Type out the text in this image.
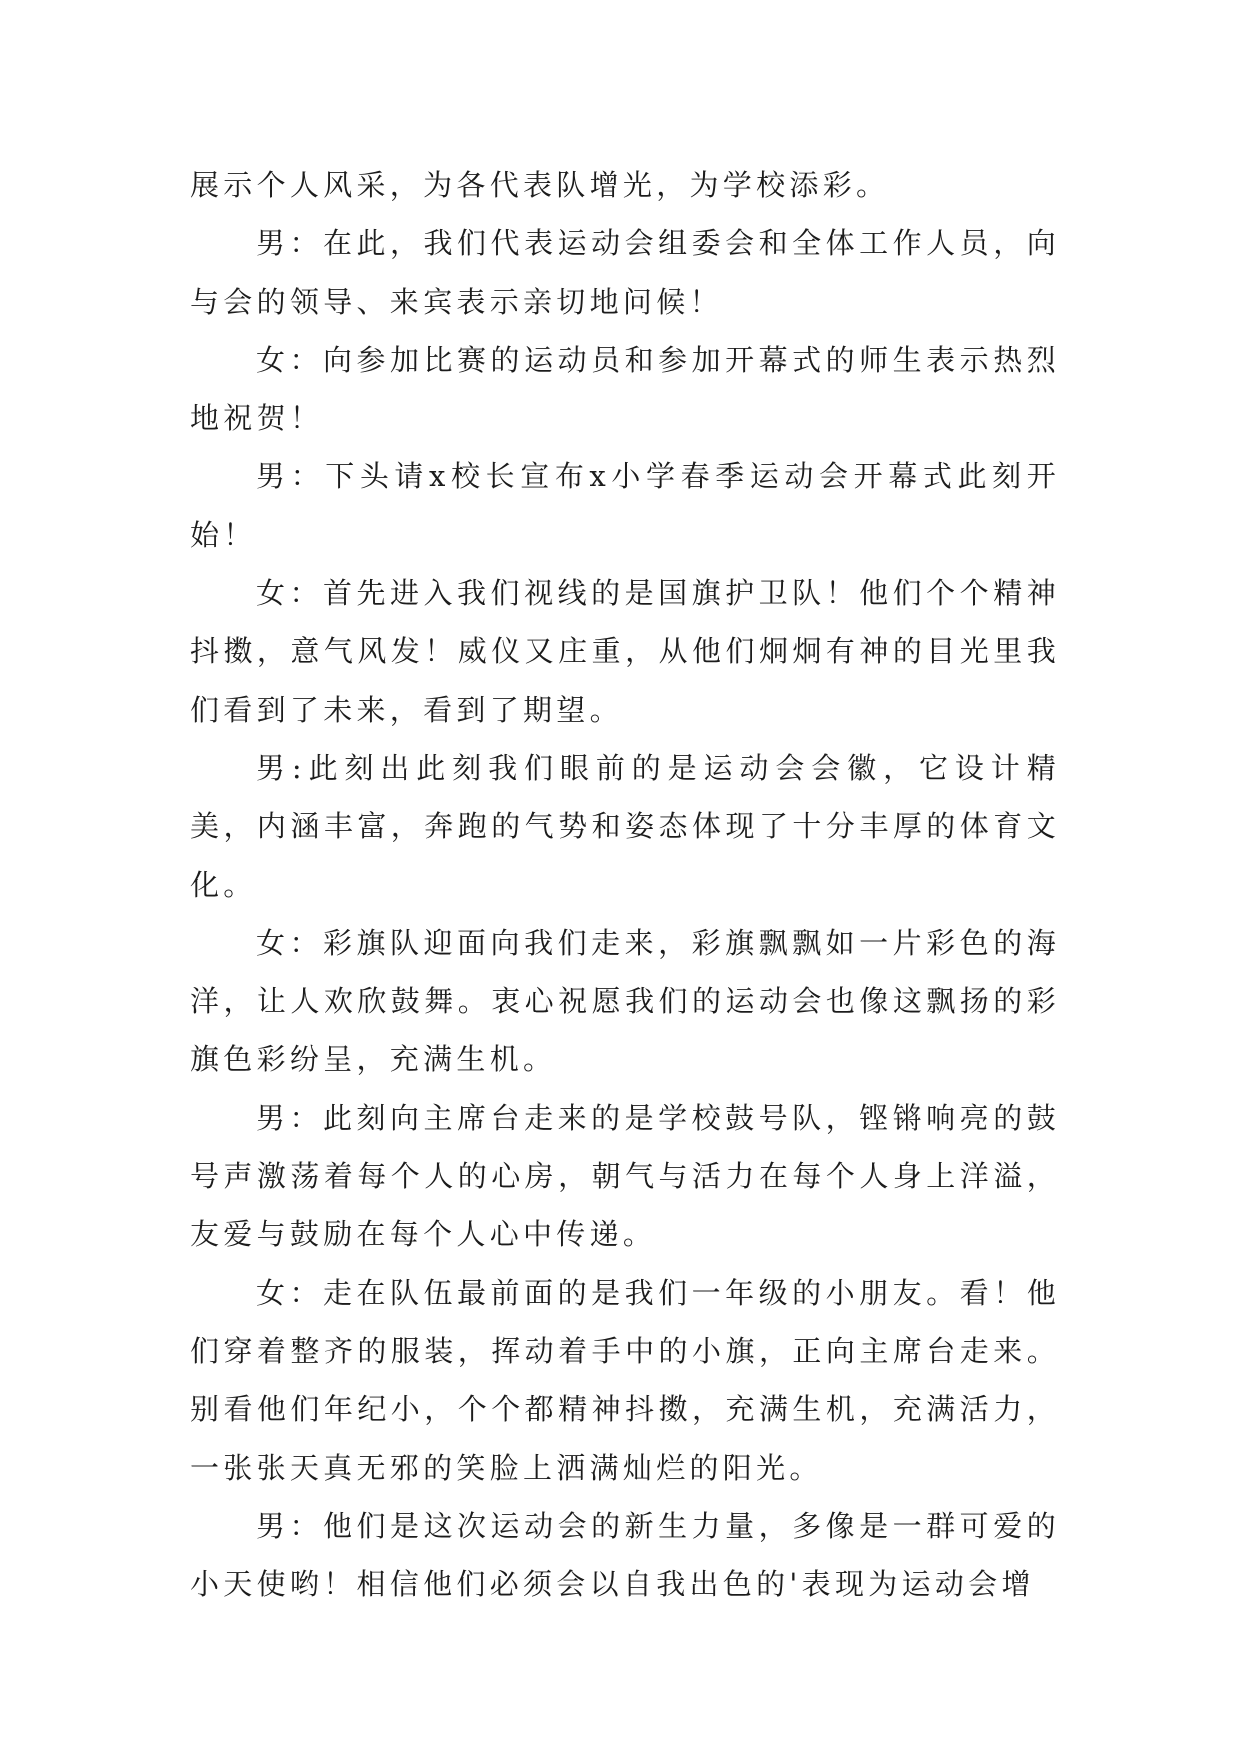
展示个人风采，为各代表队增光，为学校添彩。

男：在此，我们代表运动会组委会和全体工作人员，向与会的领导、来宾表示亲切地问候！

女：向参加比赛的运动员和参加开幕式的师生表示热烈地祝贺！

男：下头请x校长宣布x小学春季运动会开幕式此刻开始！

女：首先进入我们视线的是国旗护卫队！他们个个精神抖擞，意气风发！威仪又庄重，从他们炯炯有神的目光里我们看到了未来，看到了期望。

男:此刻出此刻我们眼前的是运动会会徽，它设计精美，内涵丰富，奔跑的气势和姿态体现了十分丰厚的体育文化。

女：彩旗队迎面向我们走来，彩旗飘飘如一片彩色的海洋，让人欢欣鼓舞。衷心祝愿我们的运动会也像这飘扬的彩旗色彩纷呈，充满生机。

男：此刻向主席台走来的是学校鼓号队，铿锵响亮的鼓号声激荡着每个人的心房，朝气与活力在每个人身上洋溢，友爱与鼓励在每个人心中传递。

女：走在队伍最前面的是我们一年级的小朋友。看！他们穿着整齐的服装，挥动着手中的小旗，正向主席台走来。别看他们年纪小，个个都精神抖擞，充满生机，充满活力，一张张天真无邪的笑脸上洒满灿烂的阳光。

男：他们是这次运动会的新生力量，多像是一群可爱的小天使哟！相信他们必须会以自我出色的'表现为运动会增
